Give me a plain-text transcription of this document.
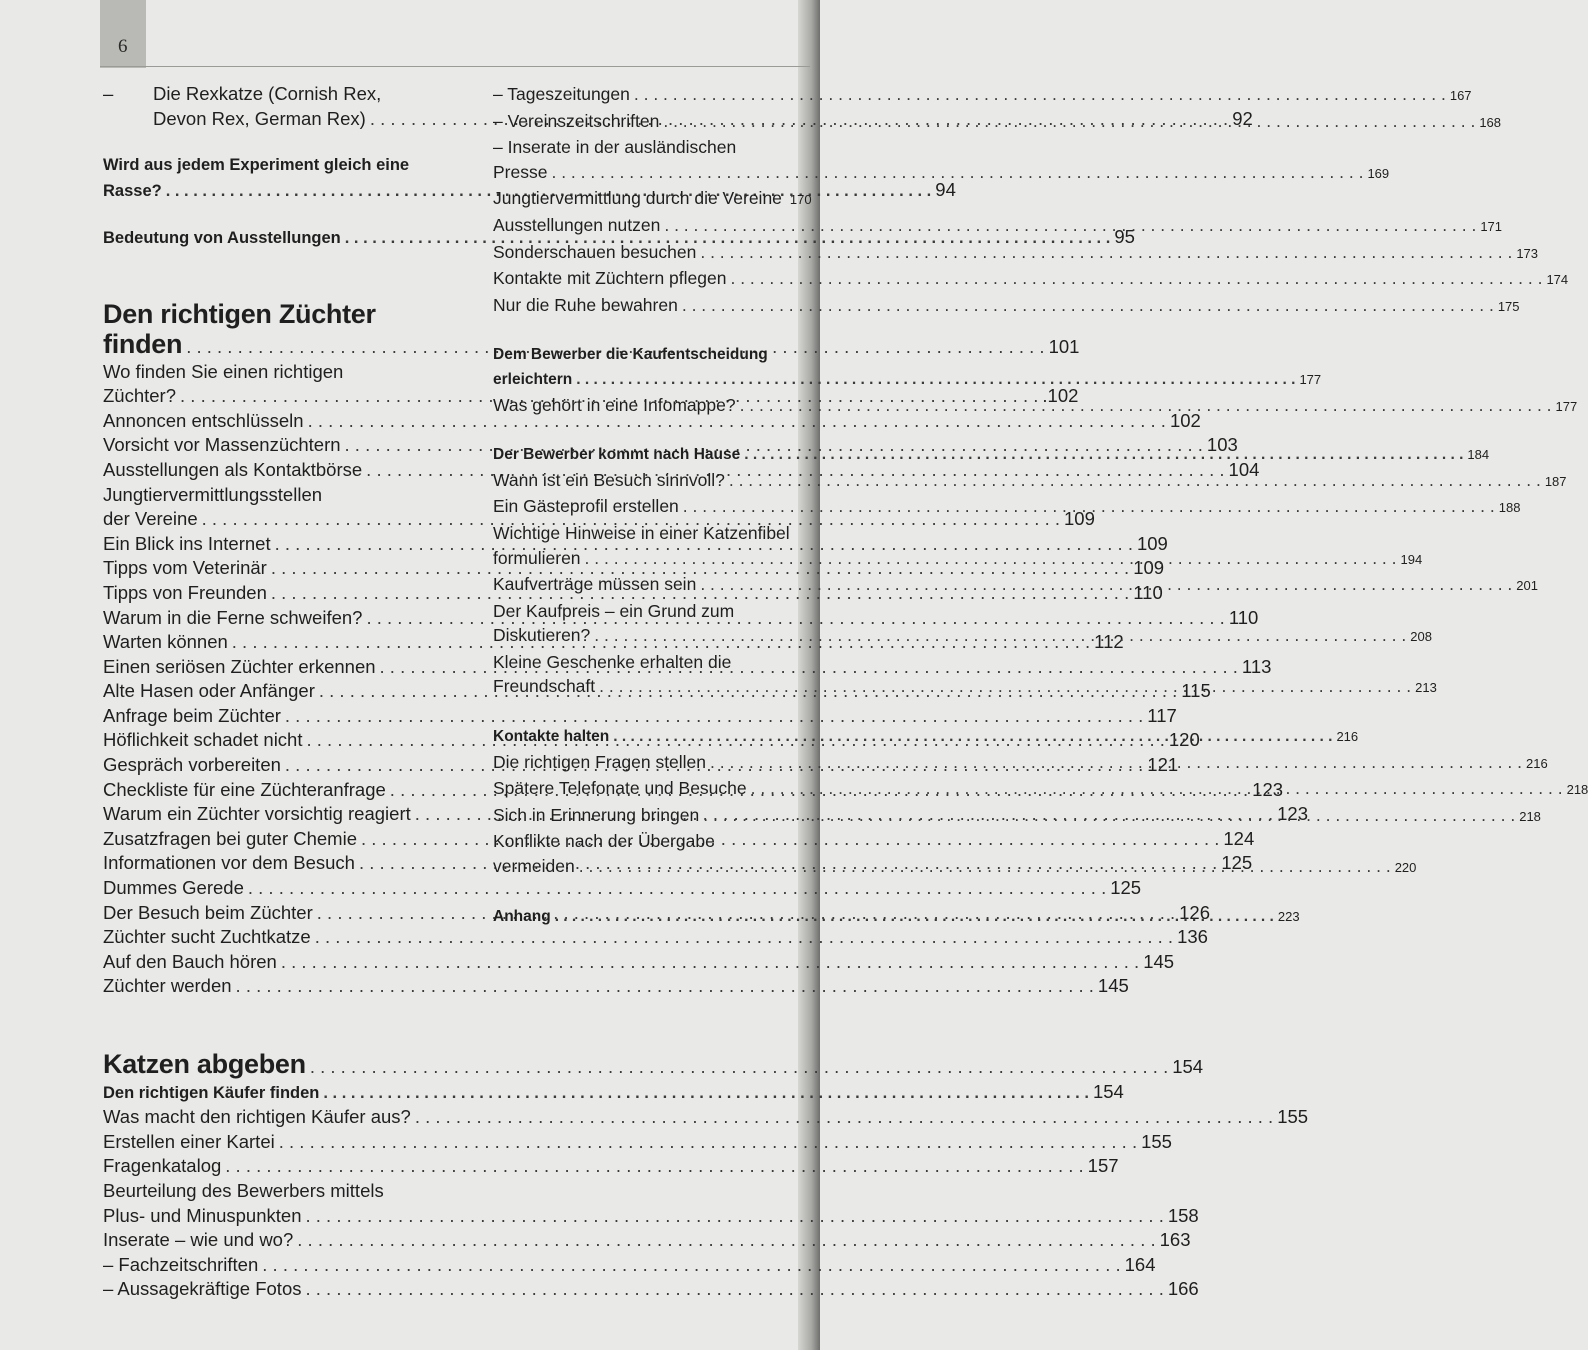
6
–	Die Rexkatze (Cornish Rex,
Devon Rex, German Rex) . . .	92
Wird aus jedem Experiment gleich eine
Rasse? . . .	94
Bedeutung von Ausstellungen . . .	95
Den richtigen Züchter
finden . . .	101
Wo finden Sie einen richtigen
Züchter? . . .	.102
Annoncen entschlüsseln . . .	102
Vorsicht vor Massenzüchtern . . .	103
Ausstellungen als Kontaktbörse . . .	104
Jungtiervermittlungsstellen
der Vereine . . .	109
Ein Blick ins Internet . . .	109
Tipps vom Veterinär . . .	109
Tipps von Freunden . . .	110
Warum in die Ferne schweifen? . . .	110
Warten können . . .	112
Einen seriösen Züchter erkennen . . .	113
Alte Hasen oder Anfänger . . .	115
Anfrage beim Züchter . . .	117
Höflichkeit schadet nicht . . .	120
Gespräch vorbereiten . . .	121
Checkliste für eine Züchteranfrage . . .	123
Warum ein Züchter vorsichtig reagiert . . .	123
Zusatzfragen bei guter Chemie . . .	124
Informationen vor dem Besuch . . .	125
Dummes Gerede . . .	125
Der Besuch beim Züchter . . .	126
Züchter sucht Zuchtkatze . . .	136
Auf den Bauch hören . . .	145
Züchter werden . . .	145
Katzen abgeben . . .	154
Den richtigen Käufer finden . . .	154
Was macht den richtigen Käufer aus? . . .	155
Erstellen einer Kartei . . .	155
Fragenkatalog . . .	157
Beurteilung des Bewerbers mittels
Plus- und Minuspunkten . . .	158
Inserate – wie und wo? . . .	163
– Fachzeitschriften . . .	164
– Aussagekräftige Fotos . . .	166
– Tageszeitungen . . .	167
– Vereinszeitschriften . . .	168
– Inserate in der ausländischen
Presse . . .	169
Jungtiervermittlung durch die Vereine 170
Ausstellungen nutzen . . .	171
Sonderschauen besuchen . . .	173
Kontakte mit Züchtern pflegen . . .	174
Nur die Ruhe bewahren . . .	175
Dem Bewerber die Kaufentscheidung
erleichtern . . .	177
Was gehört in eine Infomappe? . . .	177
Der Bewerber kommt nach Hause . . .	184
Wann ist ein Besuch sinnvoll? . . .	187
Ein Gästeprofil erstellen . . .	188
Wichtige Hinweise in einer Katzenfibel
formulieren . . .	194
Kaufverträge müssen sein . . .	201
Der Kaufpreis – ein Grund zum
Diskutieren? . . .	208
Kleine Geschenke erhalten die
Freundschaft . . .	213
Kontakte halten . . .	216
Die richtigen Fragen stellen . . .	216
Spätere Telefonate und Besuche . . .	218
Sich in Erinnerung bringen . . .	218
Konflikte nach der Übergabe
vermeiden . . .	220
Anhang . . .	223
